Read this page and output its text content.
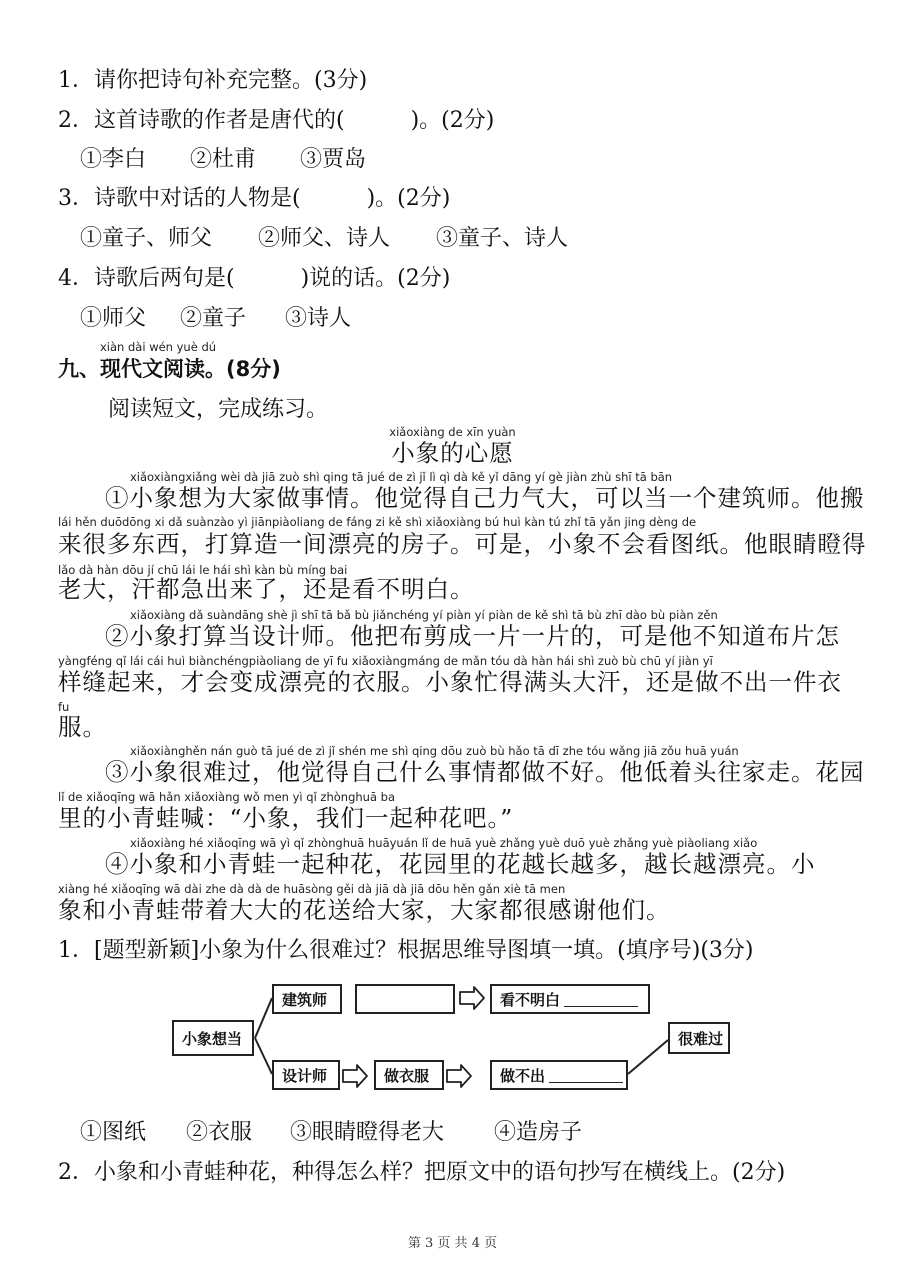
1．请你把诗句补充完整。(3分)
2．这首诗歌的作者是唐代的(　　　)。(2分)
①李白 ②杜甫 ③贾岛
3．诗歌中对话的人物是(　　　)。(2分)
①童子、师父 ②师父、诗人 ③童子、诗人
4．诗歌后两句是(　　　)说的话。(2分)
①师父 ②童子 ③诗人
xiàn dài wén yuè dú
九、现代文阅读。(8分)
阅读短文，完成练习。
xiǎoxiàng de xīn yuàn
小象的心愿
xiǎoxiàngxiǎng wèi dà jiā zuò shì qing tā jué de zì jǐ lì qì dà kě yǐ dāng yí gè jiàn zhù shī tā bān
①小象想为大家做事情。他觉得自己力气大，可以当一个建筑师。他搬
lái hěn duōdōng xi dǎ suànzào yì jiānpiàoliang de fáng zi kě shì xiǎoxiàng bú huì kàn tú zhǐ tā yǎn jing dèng de
来很多东西，打算造一间漂亮的房子。可是，小象不会看图纸。他眼睛瞪得
lǎo dà hàn dōu jí chū lái le hái shì kàn bù míng bai
老大，汗都急出来了，还是看不明白。
xiǎoxiàng dǎ suàndāng shè jì shī tā bǎ bù jiǎnchéng yí piàn yí piàn de kě shì tā bù zhī dào bù piàn zěn
②小象打算当设计师。他把布剪成一片一片的，可是他不知道布片怎
yàngféng qǐ lái cái huì biànchéngpiàoliang de yī fu xiǎoxiàngmáng de mǎn tóu dà hàn hái shì zuò bù chū yí jiàn yī
样缝起来，才会变成漂亮的衣服。小象忙得满头大汗，还是做不出一件衣
fu
服。
xiǎoxiànghěn nán guò tā jué de zì jǐ shén me shì qing dōu zuò bù hǎo tā dī zhe tóu wǎng jiā zǒu huā yuán
③小象很难过，他觉得自己什么事情都做不好。他低着头往家走。花园
lǐ de xiǎoqīng wā hǎn xiǎoxiàng wǒ men yì qǐ zhònghuā ba
里的小青蛙喊：“小象，我们一起种花吧。”
xiǎoxiàng hé xiǎoqīng wā yì qǐ zhònghuā huāyuán lǐ de huā yuè zhǎng yuè duō yuè zhǎng yuè piàoliang xiǎo
④小象和小青蛙一起种花，花园里的花越长越多，越长越漂亮。小
xiàng hé xiǎoqīng wā dài zhe dà dà de huāsòng gěi dà jiā dà jiā dōu hěn gǎn xiè tā men
象和小青蛙带着大大的花送给大家，大家都很感谢他们。
1．[题型新颖]小象为什么很难过？根据思维导图填一填。(填序号)(3分)
小象想当
建筑师	看不明白
设计师	做衣服	做不出
很难过
①图纸 ②衣服 ③眼睛瞪得老大 ④造房子
2．小象和小青蛙种花，种得怎么样？把原文中的语句抄写在横线上。(2分)
第 3 页 共 4 页
